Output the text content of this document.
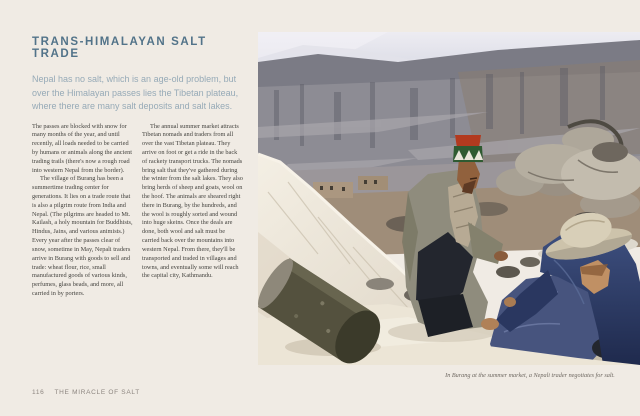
TRANS-HIMALAYAN SALT TRADE

Nepal has no salt, which is an age-old problem, but over the Himalayan passes lies the Tibetan plateau, where there are many salt deposits and salt lakes.

The passes are blocked with snow for many months of the year, and until recently, all loads needed to be carried by humans or animals along the ancient trading trails (there's now a rough road into western Nepal from the border).

The village of Burang has been a summertime trading center for generations. It lies on a trade route that is also a pilgrim route from India and Nepal. (The pilgrims are headed to Mt. Kailash, a holy mountain for Buddhists, Hindus, Jains, and various animists.) Every year after the passes clear of snow, sometime in May, Nepali traders arrive in Burang with goods to sell and trade: wheat flour, rice, small manufactured goods of various kinds, perfumes, glass beads, and more, all carried in by porters.

The annual summer market attracts Tibetan nomads and traders from all over the vast Tibetan plateau. They arrive on foot or get a ride in the back of rackety transport trucks. The nomads bring salt that they've gathered during the winter from the salt lakes. They also bring herds of sheep and goats, wool on the hoof. The animals are sheared right there in Burang, by the hundreds, and the wool is roughly sorted and wound into huge skeins. Once the deals are done, both wool and salt must be carried back over the mountains into western Nepal. From there, they'll be transported and traded in villages and towns, and eventually some will reach the capital city, Kathmandu.

116 THE MIRACLE OF SALT
In Burang at the summer market, a Nepali trader negotiates for salt.
